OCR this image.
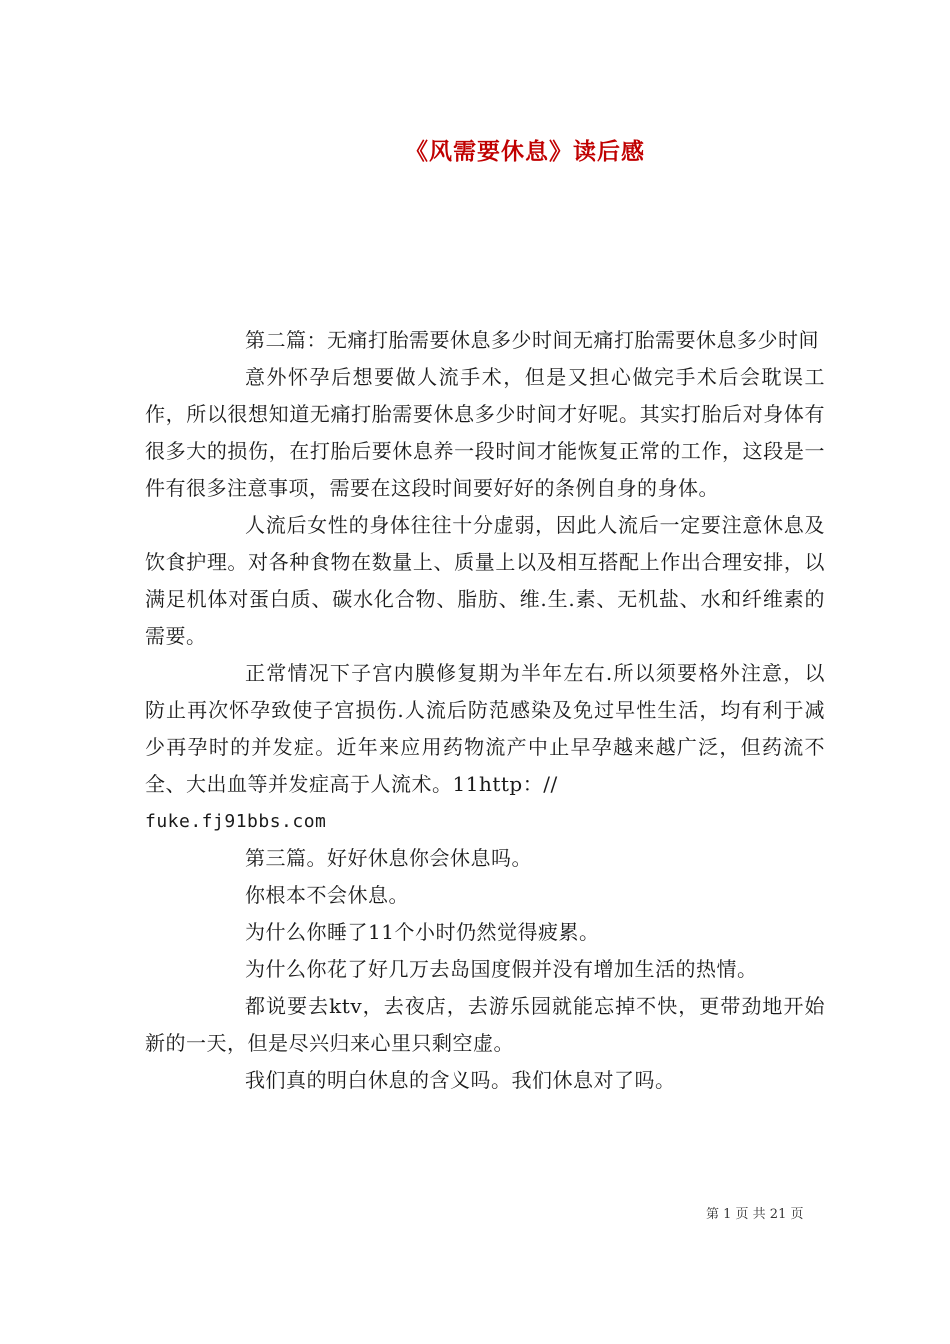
《风需要休息》读后感

第二篇：无痛打胎需要休息多少时间无痛打胎需要休息多少时间

意外怀孕后想要做人流手术，但是又担心做完手术后会耽误工作，所以很想知道无痛打胎需要休息多少时间才好呢。其实打胎后对身体有很多大的损伤，在打胎后要休息养一段时间才能恢复正常的工作，这段是一件有很多注意事项，需要在这段时间要好好的条例自身的身体。

人流后女性的身体往往十分虚弱，因此人流后一定要注意休息及饮食护理。对各种食物在数量上、质量上以及相互搭配上作出合理安排，以满足机体对蛋白质、碳水化合物、脂肪、维.生.素、无机盐、水和纤维素的需要。

正常情况下子宫内膜修复期为半年左右.所以须要格外注意，以防止再次怀孕致使子宫损伤.人流后防范感染及免过早性生活，均有利于减少再孕时的并发症。近年来应用药物流产中止早孕越来越广泛，但药流不全、大出血等并发症高于人流术。11http：//

fuke.fj91bbs.com

第三篇。好好休息你会休息吗。

你根本不会休息。

为什么你睡了11个小时仍然觉得疲累。

为什么你花了好几万去岛国度假并没有增加生活的热情。

都说要去ktv，去夜店，去游乐园就能忘掉不快，更带劲地开始新的一天，但是尽兴归来心里只剩空虚。

我们真的明白休息的含义吗。我们休息对了吗。

第 1 页 共 21 页
